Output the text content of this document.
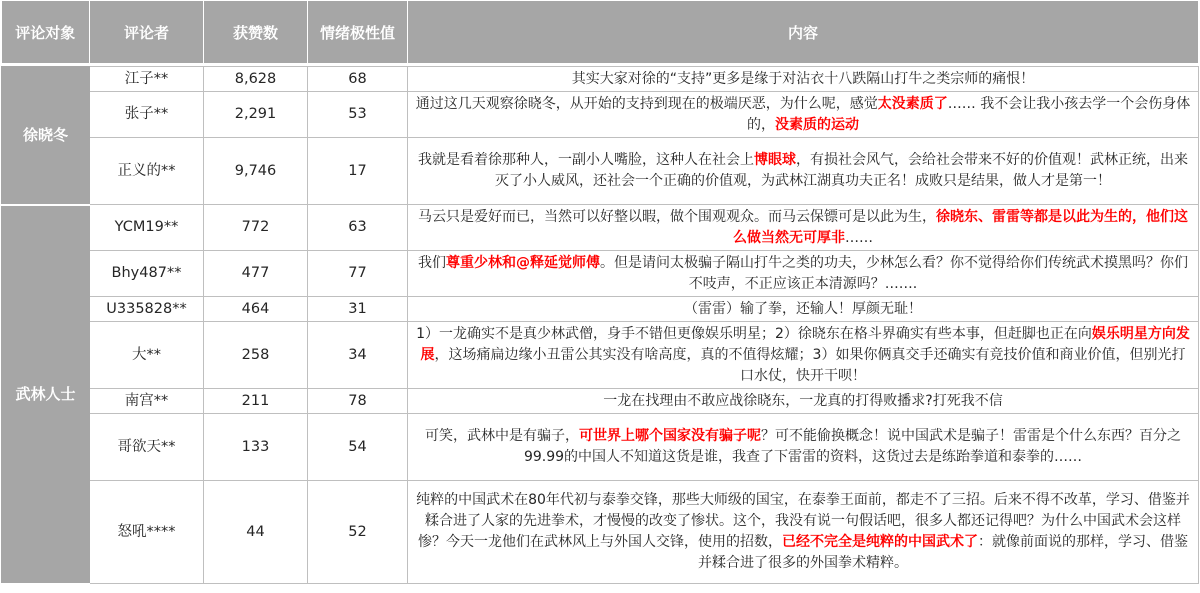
评论对象	评论者	获赞数	情绪极性值	内容

徐晓冬	江子**	8,628	68	其实大家对徐的“支持”更多是缘于对沾衣十八跌隔山打牛之类宗师的痛恨！
	张子**	2,291	53	通过这几天观察徐晓冬，从开始的支持到现在的极端厌恶，为什么呢，感觉太没素质了…… 我不会让我小孩去学一个会伤身体的，没素质的运动
	正义的**	9,746	17	我就是看着徐那种人，一副小人嘴脸，这种人在社会上博眼球，有损社会风气，会给社会带来不好的价值观！武林正统，出来灭了小人威风，还社会一个正确的价值观，为武林江湖真功夫正名！成败只是结果，做人才是第一！
武林人士	YCM19**	772	63	马云只是爱好而已，当然可以好整以暇，做个围观观众。而马云保镖可是以此为生，徐晓东、雷雷等都是以此为生的，他们这么做当然无可厚非……
	Bhy487**	477	77	我们尊重少林和@释延觉师傅。但是请问太极骗子隔山打牛之类的功夫，少林怎么看？你不觉得给你们传统武术摸黑吗？你们不吱声，不正应该正本清源吗？…….
	U335828**	464	31	（雷雷）输了拳，还输人！厚颜无耻！
	大**	258	34	1）一龙确实不是真少林武僧，身手不错但更像娱乐明星；2）徐晓东在格斗界确实有些本事，但赶脚也正在向娱乐明星方向发展，这场痛扁边缘小丑雷公其实没有啥高度，真的不值得炫耀；3）如果你俩真交手还确实有竞技价值和商业价值，但别光打口水仗，快开干呗！
	南宫**	211	78	一龙在找理由不敢应战徐晓东，一龙真的打得败播求?打死我不信
	哥欲天**	133	54	可笑，武林中是有骗子，可世界上哪个国家没有骗子呢？可不能偷换概念！说中国武术是骗子！雷雷是个什么东西？百分之99.99的中国人不知道这货是谁，我查了下雷雷的资料，这货过去是练跆拳道和泰拳的……
	怒吼****	44	52	纯粹的中国武术在80年代初与泰拳交锋，那些大师级的国宝，在泰拳王面前，都走不了三招。后来不得不改革，学习、借鉴并糅合进了人家的先进拳术，才慢慢的改变了惨状。这个，我没有说一句假话吧，很多人都还记得吧？为什么中国武术会这样惨？今天一龙他们在武林风上与外国人交锋，使用的招数，已经不完全是纯粹的中国武术了：就像前面说的那样，学习、借鉴并糅合进了很多的外国拳术精粹。
